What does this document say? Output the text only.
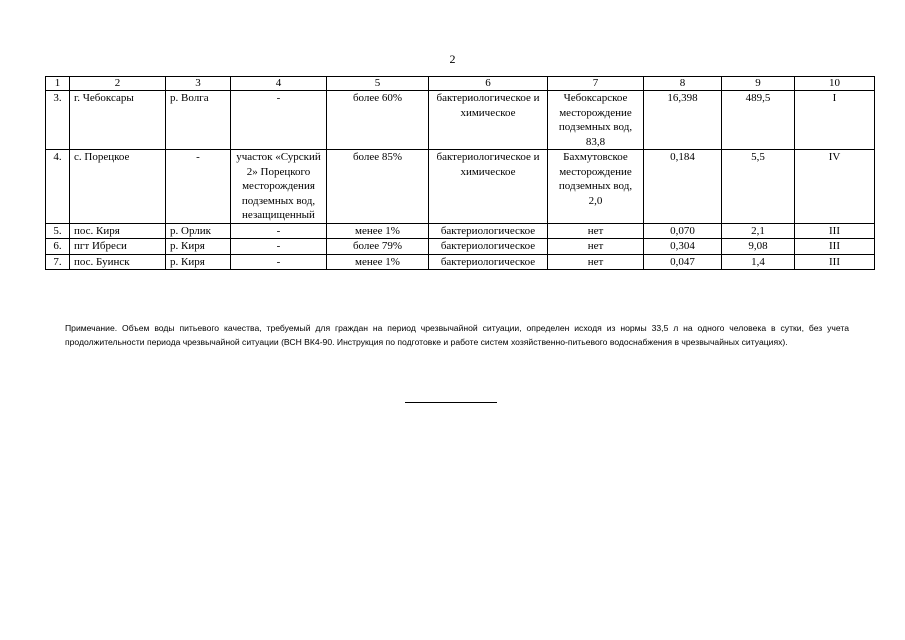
2
1	2	3	4	5	6	7	8	9	10
3.	г. Чебоксары	р. Волга	-	более 60%	бактериологическое и химическое	Чебоксарское месторождение подземных вод, 83,8	16,398	489,5	I
4.	с. Порецкое	-	участок «Сурский 2» Порецкого месторождения подземных вод, незащищенный	более 85%	бактериологическое и химическое	Бахмутовское месторождение подземных вод, 2,0	0,184	5,5	IV
5.	пос. Киря	р. Орлик	-	менее 1%	бактериологическое	нет	0,070	2,1	III
6.	пгт Ибреси	р. Киря	-	более 79%	бактериологическое	нет	0,304	9,08	III
7.	пос. Буинск	р. Киря	-	менее 1%	бактериологическое	нет	0,047	1,4	III
Примечание. Объем воды питьевого качества, требуемый для граждан на период чрезвычайной ситуации, определен исходя из нормы 33,5 л на одного человека в сутки, без учета продолжительности периода чрезвычайной ситуации (ВСН ВК4-90. Инструкция по подготовке и работе систем хозяйственно-питьевого водоснабжения в чрезвычайных ситуациях).
